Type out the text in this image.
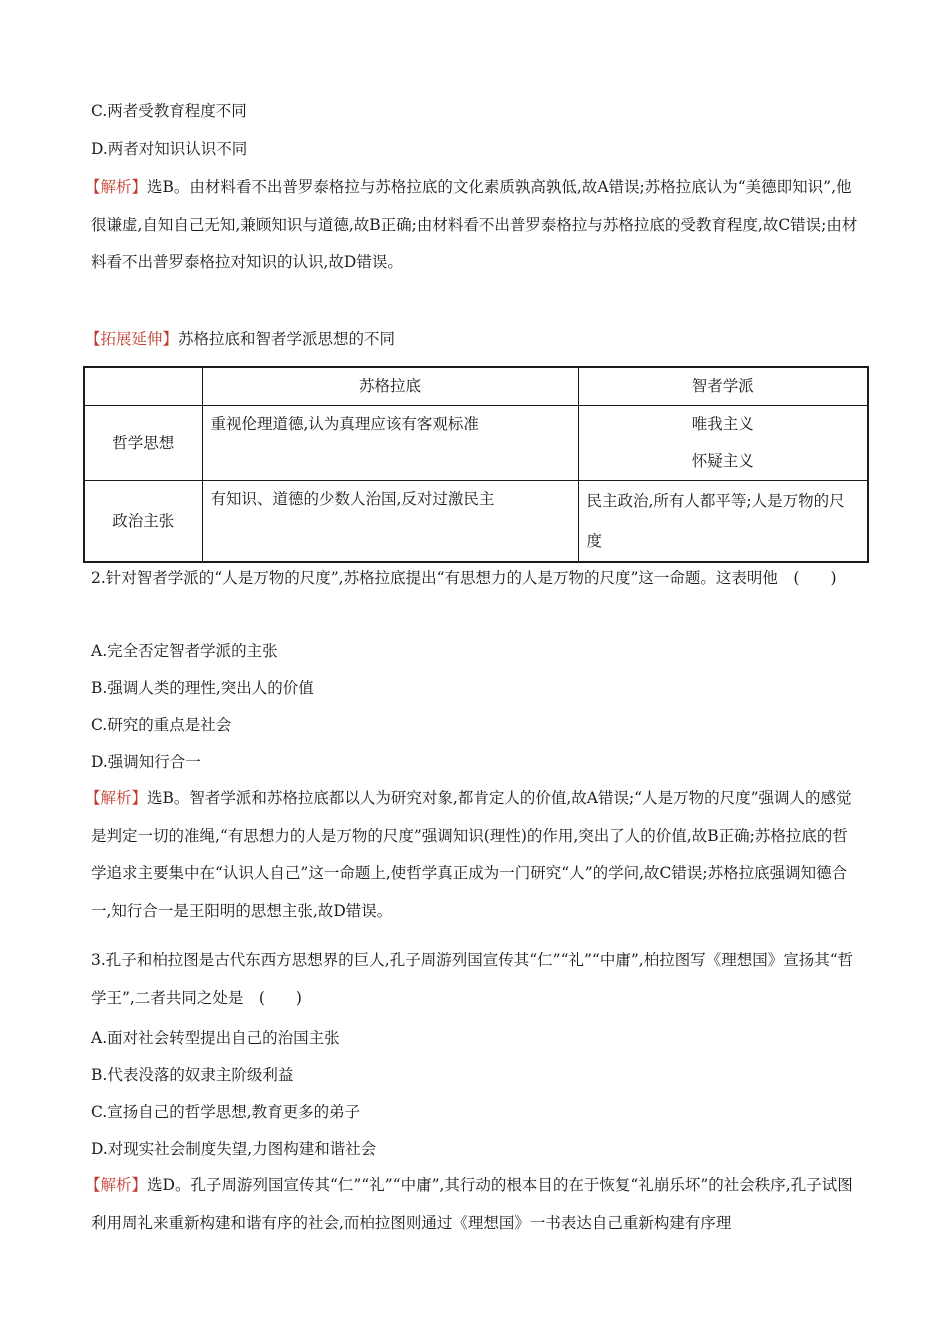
C.两者受教育程度不同
D.两者对知识认识不同
【解析】选B。由材料看不出普罗泰格拉与苏格拉底的文化素质孰高孰低,故A错误;苏格拉底认为“美德即知识”,他很谦虚,自知自己无知,兼顾知识与道德,故B正确;由材料看不出普罗泰格拉与苏格拉底的受教育程度,故C错误;由材料看不出普罗泰格拉对知识的认识,故D错误。
【拓展延伸】苏格拉底和智者学派思想的不同
	苏格拉底	智者学派
哲学思想	重视伦理道德,认为真理应该有客观标准	唯我主义
怀疑主义

政治主张	有知识、道德的少数人治国,反对过激民主	民主政治,所有人都平等;人是万物的尺度
2.针对智者学派的“人是万物的尺度”,苏格拉底提出“有思想力的人是万物的尺度”这一命题。这表明他　(　　)
A.完全否定智者学派的主张
B.强调人类的理性,突出人的价值
C.研究的重点是社会
D.强调知行合一
【解析】选B。智者学派和苏格拉底都以人为研究对象,都肯定人的价值,故A错误;“人是万物的尺度”强调人的感觉是判定一切的准绳,“有思想力的人是万物的尺度”强调知识(理性)的作用,突出了人的价值,故B正确;苏格拉底的哲学追求主要集中在“认识人自己”这一命题上,使哲学真正成为一门研究“人”的学问,故C错误;苏格拉底强调知德合一,知行合一是王阳明的思想主张,故D错误。
3.孔子和柏拉图是古代东西方思想界的巨人,孔子周游列国宣传其“仁”“礼”“中庸”,柏拉图写《理想国》宣扬其“哲学王”,二者共同之处是　(　　)
A.面对社会转型提出自己的治国主张
B.代表没落的奴隶主阶级利益
C.宣扬自己的哲学思想,教育更多的弟子
D.对现实社会制度失望,力图构建和谐社会
【解析】选D。孔子周游列国宣传其“仁”“礼”“中庸”,其行动的根本目的在于恢复“礼崩乐坏”的社会秩序,孔子试图利用周礼来重新构建和谐有序的社会,而柏拉图则通过《理想国》一书表达自己重新构建有序理
